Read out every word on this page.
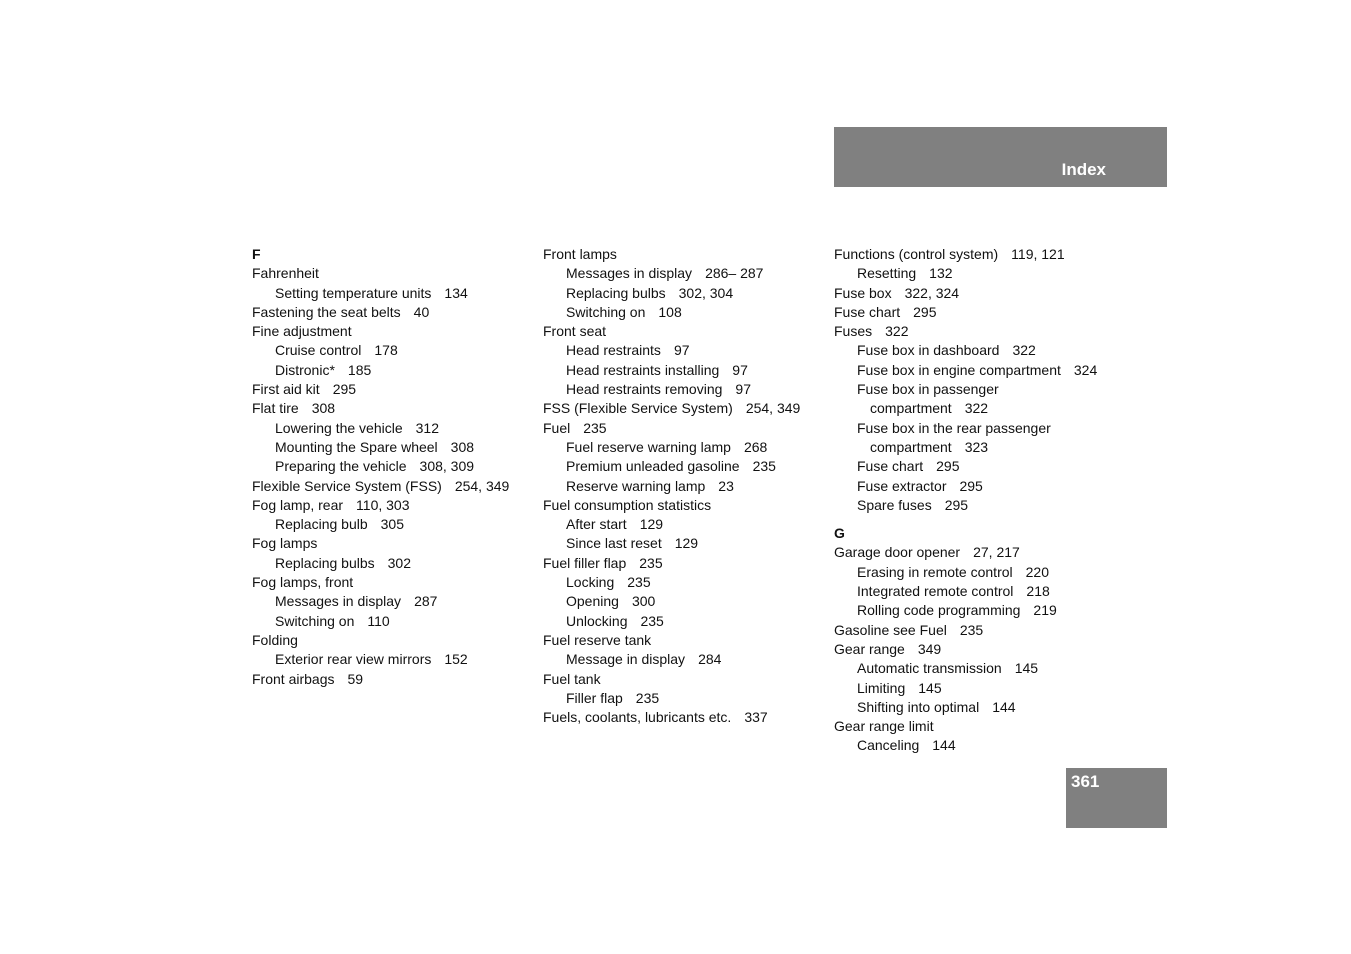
Index
F
Fahrenheit
Setting temperature units 134
Fastening the seat belts 40
Fine adjustment
Cruise control 178
Distronic* 185
First aid kit 295
Flat tire 308
Lowering the vehicle 312
Mounting the Spare wheel 308
Preparing the vehicle 308, 309
Flexible Service System (FSS) 254, 349
Fog lamp, rear 110, 303
Replacing bulb 305
Fog lamps
Replacing bulbs 302
Fog lamps, front
Messages in display 287
Switching on 110
Folding
Exterior rear view mirrors 152
Front airbags 59
Front lamps
Messages in display 286– 287
Replacing bulbs 302, 304
Switching on 108
Front seat
Head restraints 97
Head restraints installing 97
Head restraints removing 97
FSS (Flexible Service System) 254, 349
Fuel 235
Fuel reserve warning lamp 268
Premium unleaded gasoline 235
Reserve warning lamp 23
Fuel consumption statistics
After start 129
Since last reset 129
Fuel filler flap 235
Locking 235
Opening 300
Unlocking 235
Fuel reserve tank
Message in display 284
Fuel tank
Filler flap 235
Fuels, coolants, lubricants etc. 337
Functions (control system) 119, 121
Resetting 132
Fuse box 322, 324
Fuse chart 295
Fuses 322
Fuse box in dashboard 322
Fuse box in engine compartment 324
Fuse box in passenger
compartment 322
Fuse box in the rear passenger
compartment 323
Fuse chart 295
Fuse extractor 295
Spare fuses 295
G
Garage door opener 27, 217
Erasing in remote control 220
Integrated remote control 218
Rolling code programming 219
Gasoline see Fuel 235
Gear range 349
Automatic transmission 145
Limiting 145
Shifting into optimal 144
Gear range limit
Canceling 144
361
